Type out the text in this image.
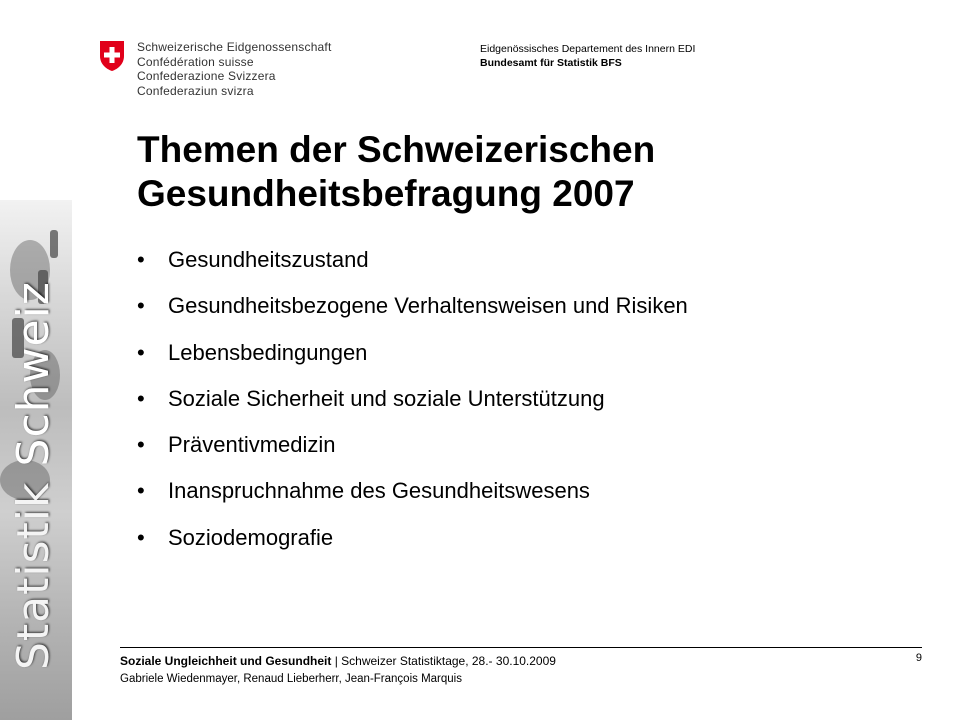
Statistik Schweiz
Schweizerische Eidgenossenschaft
Confédération suisse
Confederazione Svizzera
Confederaziun svizra
Eidgenössisches Departement des Innern EDI
Bundesamt für Statistik BFS
Themen der Schweizerischen
Gesundheitsbefragung 2007
•	Gesundheitszustand
•	Gesundheitsbezogene Verhaltensweisen und Risiken
•	Lebensbedingungen
•	Soziale Sicherheit und soziale Unterstützung
•	Präventivmedizin
•	Inanspruchnahme des Gesundheitswesens
•	Soziodemografie
Soziale Ungleichheit und Gesundheit | Schweizer Statistiktage, 28.- 30.10.2009
Gabriele Wiedenmayer, Renaud Lieberherr, Jean-François Marquis
9
